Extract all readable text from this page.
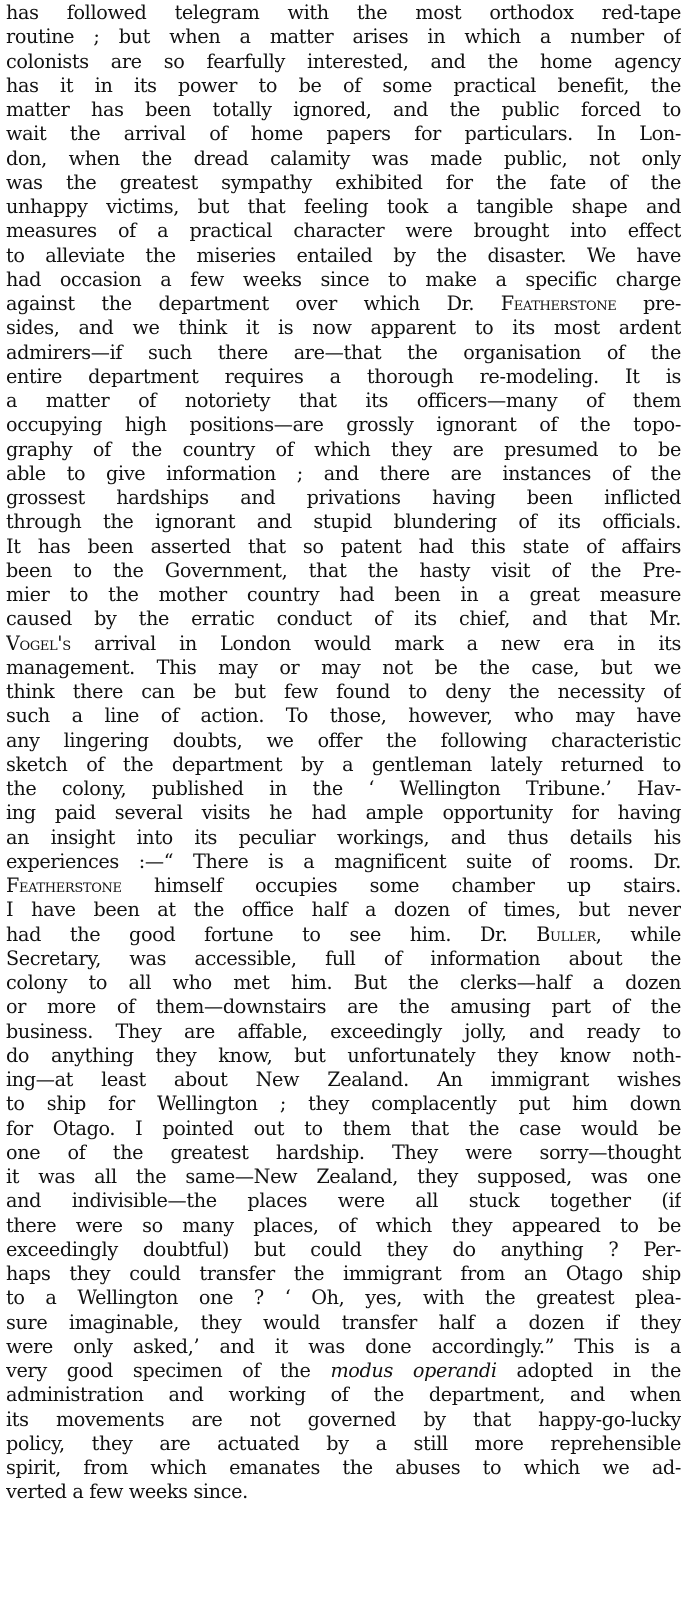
has followed telegram with the most orthodox red-tape
routine ; but when a matter arises in which a number of
colonists are so fearfully interested, and the home agency
has it in its power to be of some practical benefit, the
matter has been totally ignored, and the public forced to
wait the arrival of home papers for particulars. In Lon-
don, when the dread calamity was made public, not only
was the greatest sympathy exhibited for the fate of the
unhappy victims, but that feeling took a tangible shape and
measures of a practical character were brought into effect
to alleviate the miseries entailed by the disaster. We have
had occasion a few weeks since to make a specific charge
against the department over which Dr. Featherstone pre-
sides, and we think it is now apparent to its most ardent
admirers—if such there are—that the organisation of the
entire department requires a thorough re-modeling. It is
a matter of notoriety that its officers—many of them
occupying high positions—are grossly ignorant of the topo-
graphy of the country of which they are presumed to be
able to give information ; and there are instances of the
grossest hardships and privations having been inflicted
through the ignorant and stupid blundering of its officials.
It has been asserted that so patent had this state of affairs
been to the Government, that the hasty visit of the Pre-
mier to the mother country had been in a great measure
caused by the erratic conduct of its chief, and that Mr.
Vogel's arrival in London would mark a new era in its
management. This may or may not be the case, but we
think there can be but few found to deny the necessity of
such a line of action. To those, however, who may have
any lingering doubts, we offer the following characteristic
sketch of the department by a gentleman lately returned to
the colony, published in the ‘ Wellington Tribune.’ Hav-
ing paid several visits he had ample opportunity for having
an insight into its peculiar workings, and thus details his
experiences :—“ There is a magnificent suite of rooms. Dr.
Featherstone himself occupies some chamber up stairs.
I have been at the office half a dozen of times, but never
had the good fortune to see him. Dr. Buller, while
Secretary, was accessible, full of information about the
colony to all who met him. But the clerks—half a dozen
or more of them—downstairs are the amusing part of the
business. They are affable, exceedingly jolly, and ready to
do anything they know, but unfortunately they know noth-
ing—at least about New Zealand. An immigrant wishes
to ship for Wellington ; they complacently put him down
for Otago. I pointed out to them that the case would be
one of the greatest hardship. They were sorry—thought
it was all the same—New Zealand, they supposed, was one
and indivisible—the places were all stuck together (if
there were so many places, of which they appeared to be
exceedingly doubtful) but could they do anything ? Per-
haps they could transfer the immigrant from an Otago ship
to a Wellington one ? ‘ Oh, yes, with the greatest plea-
sure imaginable, they would transfer half a dozen if they
were only asked,’ and it was done accordingly.” This is a
very good specimen of the modus operandi adopted in the
administration and working of the department, and when
its movements are not governed by that happy-go-lucky
policy, they are actuated by a still more reprehensible
spirit, from which emanates the abuses to which we ad-
verted a few weeks since.
